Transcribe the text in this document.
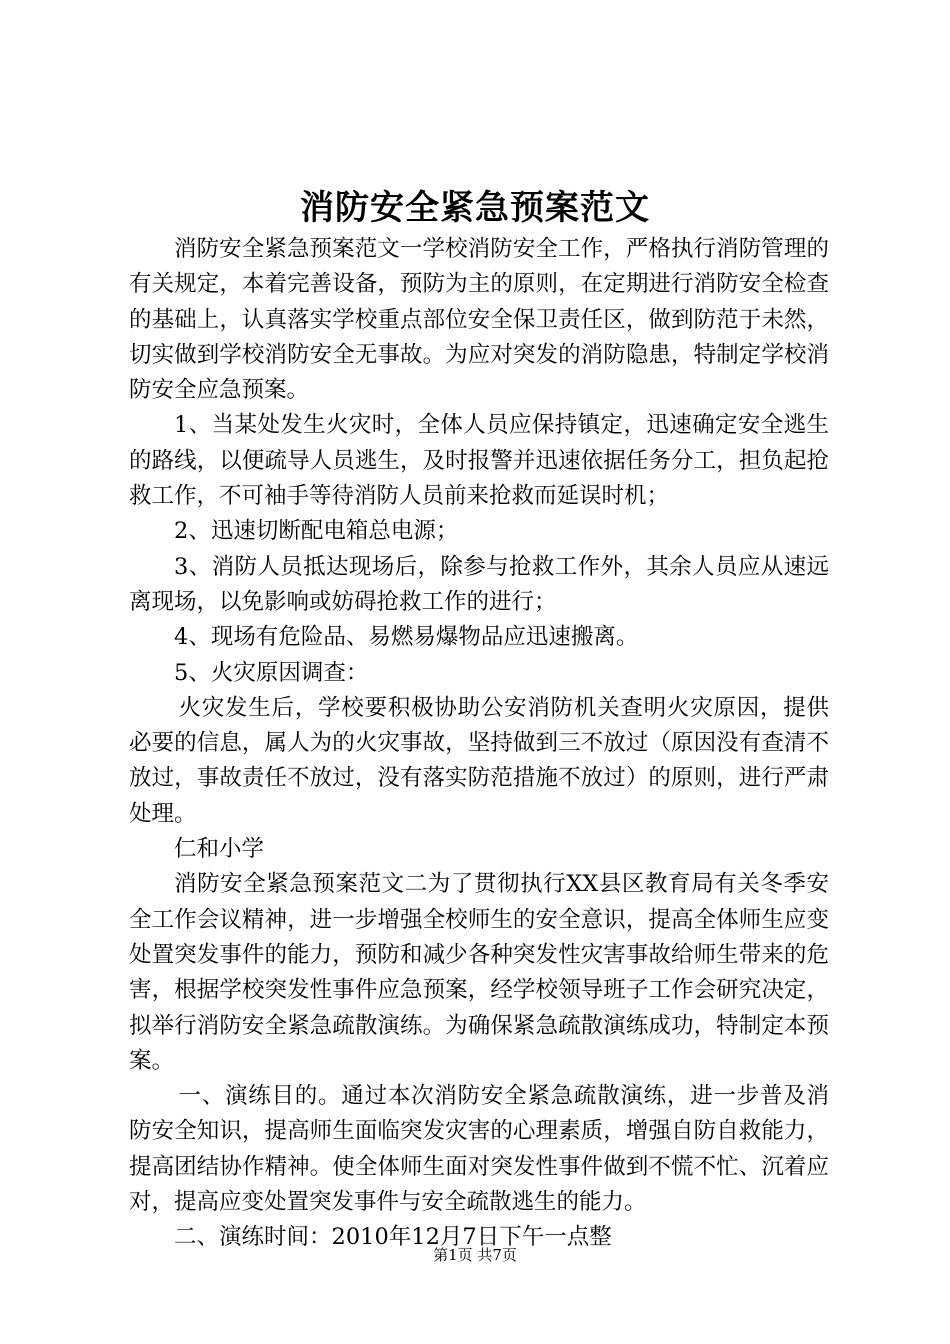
消防安全紧急预案范文

消防安全紧急预案范文一学校消防安全工作，严格执行消防管理的有关规定，本着完善设备，预防为主的原则，在定期进行消防安全检查的基础上，认真落实学校重点部位安全保卫责任区，做到防范于未然，切实做到学校消防安全无事故。为应对突发的消防隐患，特制定学校消防安全应急预案。

1、当某处发生火灾时，全体人员应保持镇定，迅速确定安全逃生的路线，以便疏导人员逃生，及时报警并迅速依据任务分工，担负起抢救工作，不可袖手等待消防人员前来抢救而延误时机；

2、迅速切断配电箱总电源；

3、消防人员抵达现场后，除参与抢救工作外，其余人员应从速远离现场，以免影响或妨碍抢救工作的进行；

4、现场有危险品、易燃易爆物品应迅速搬离。

5、火灾原因调查：

火灾发生后，学校要积极协助公安消防机关查明火灾原因，提供必要的信息，属人为的火灾事故，坚持做到三不放过（原因没有查清不放过，事故责任不放过，没有落实防范措施不放过）的原则，进行严肃处理。

仁和小学

消防安全紧急预案范文二为了贯彻执行XX县区教育局有关冬季安全工作会议精神，进一步增强全校师生的安全意识，提高全体师生应变处置突发事件的能力，预防和减少各种突发性灾害事故给师生带来的危害，根据学校突发性事件应急预案，经学校领导班子工作会研究决定，拟举行消防安全紧急疏散演练。为确保紧急疏散演练成功，特制定本预案。

一、演练目的。通过本次消防安全紧急疏散演练，进一步普及消防安全知识，提高师生面临突发灾害的心理素质，增强自防自救能力，提高团结协作精神。使全体师生面对突发性事件做到不慌不忙、沉着应对，提高应变处置突发事件与安全疏散逃生的能力。

二、演练时间：2010年12月7日下午一点整

第1页 共7页
